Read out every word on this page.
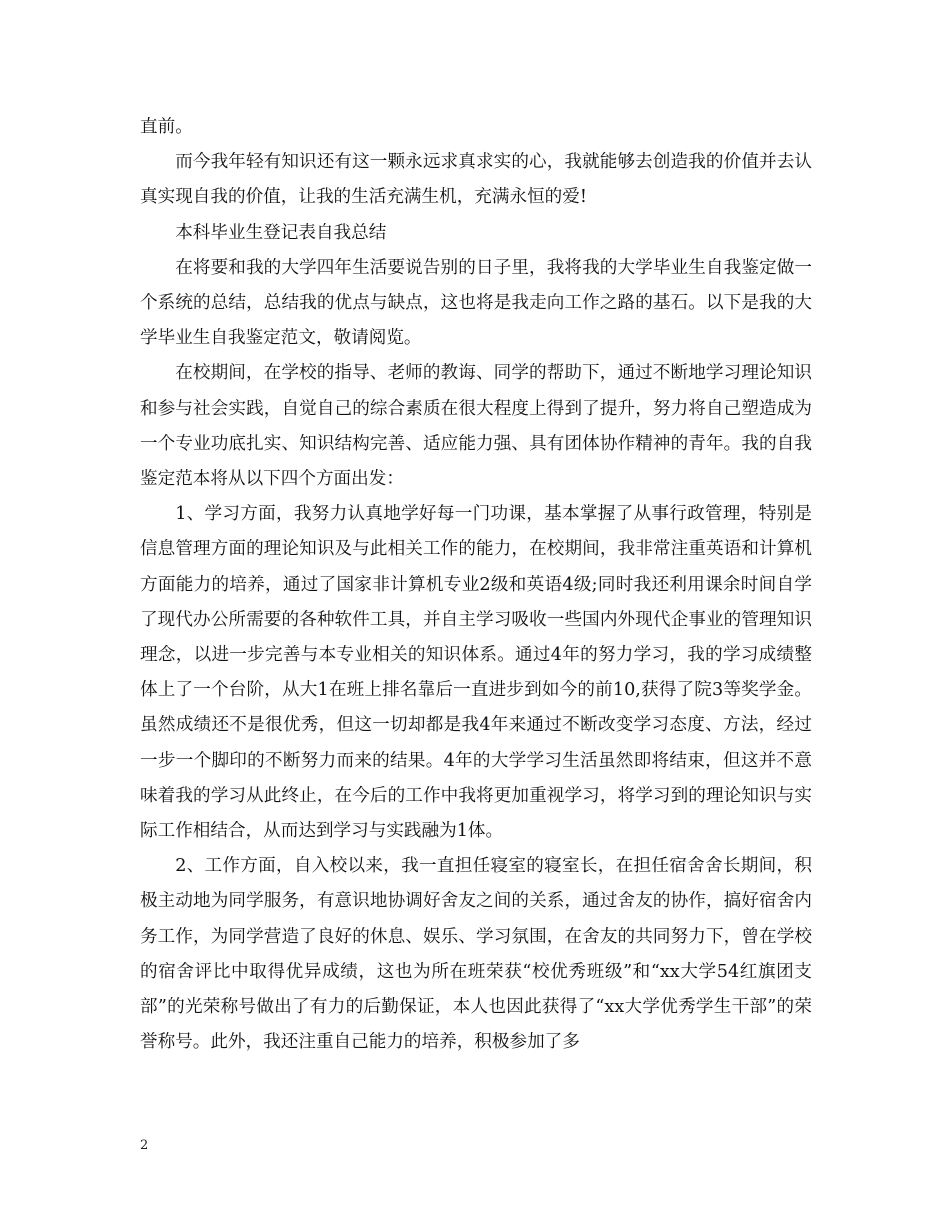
直前。

而今我年轻有知识还有这一颗永远求真求实的心，我就能够去创造我的价值并去认真实现自我的价值，让我的生活充满生机，充满永恒的爱!

本科毕业生登记表自我总结

在将要和我的大学四年生活要说告别的日子里，我将我的大学毕业生自我鉴定做一个系统的总结，总结我的优点与缺点，这也将是我走向工作之路的基石。以下是我的大学毕业生自我鉴定范文，敬请阅览。

在校期间，在学校的指导、老师的教诲、同学的帮助下，通过不断地学习理论知识和参与社会实践，自觉自己的综合素质在很大程度上得到了提升，努力将自己塑造成为一个专业功底扎实、知识结构完善、适应能力强、具有团体协作精神的青年。我的自我鉴定范本将从以下四个方面出发：

1、学习方面，我努力认真地学好每一门功课，基本掌握了从事行政管理，特别是信息管理方面的理论知识及与此相关工作的能力，在校期间，我非常注重英语和计算机方面能力的培养，通过了国家非计算机专业2级和英语4级;同时我还利用课余时间自学了现代办公所需要的各种软件工具，并自主学习吸收一些国内外现代企事业的管理知识理念，以进一步完善与本专业相关的知识体系。通过4年的努力学习，我的学习成绩整体上了一个台阶，从大1在班上排名靠后一直进步到如今的前10,获得了院3等奖学金。虽然成绩还不是很优秀，但这一切却都是我4年来通过不断改变学习态度、方法，经过一步一个脚印的不断努力而来的结果。4年的大学学习生活虽然即将结束，但这并不意味着我的学习从此终止，在今后的工作中我将更加重视学习，将学习到的理论知识与实际工作相结合，从而达到学习与实践融为1体。

2、工作方面，自入校以来，我一直担任寝室的寝室长，在担任宿舍舍长期间，积极主动地为同学服务，有意识地协调好舍友之间的关系，通过舍友的协作，搞好宿舍内务工作，为同学营造了良好的休息、娱乐、学习氛围，在舍友的共同努力下，曾在学校的宿舍评比中取得优异成绩，这也为所在班荣获“校优秀班级”和“xx大学54红旗团支部”的光荣称号做出了有力的后勤保证，本人也因此获得了“xx大学优秀学生干部”的荣誉称号。此外，我还注重自己能力的培养，积极参加了多

2
